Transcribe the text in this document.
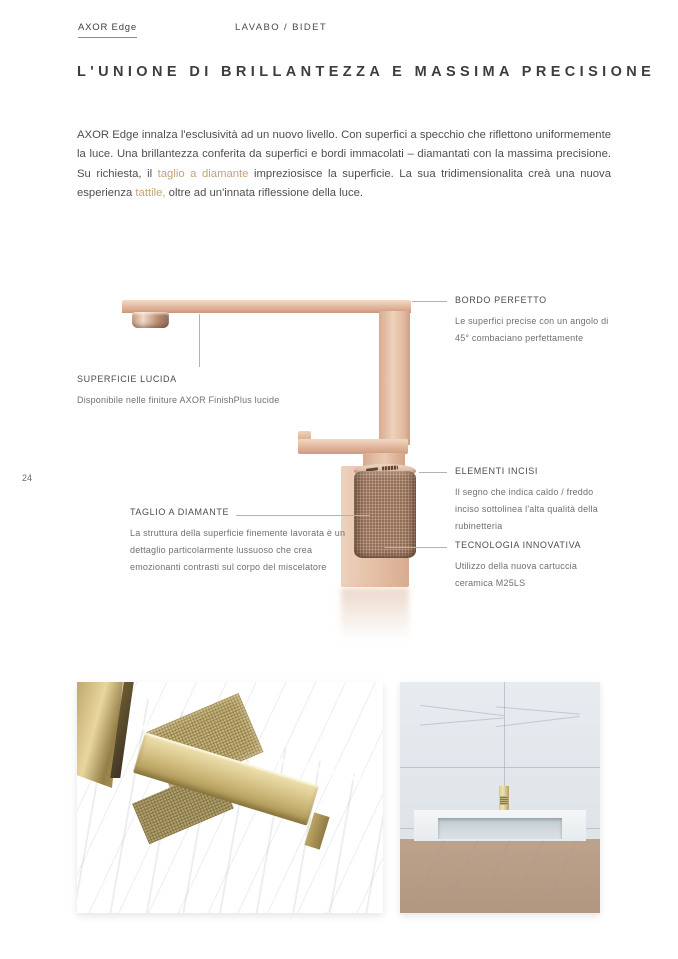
AXOR Edge	LAVABO / BIDET
L'UNIONE DI BRILLANTEZZA E MASSIMA PRECISIONE

AXOR Edge innalza l'esclusività ad un nuovo livello. Con superfici a specchio che riflettono uniformemente la luce. Una brillantezza conferita da superfici e bordi immacolati – diamantati con la massima precisione. Su richiesta, il taglio a diamante impreziosisce la superficie. La sua tridimensionalita creà una nuova esperienza tattile, oltre ad un'innata riflessione della luce.

24
BORDO PERFETTO
Le superfici precise con un angolo di
45° combaciano perfettamente
SUPERFICIE LUCIDA
Disponibile nelle finiture AXOR FinishPlus lucide
ELEMENTI INCISI
Il segno che indica caldo / freddo
inciso sottolinea l'alta qualità della
rubinetteria
TAGLIO A DIAMANTE
La struttura della superficie finemente lavorata è un
dettaglio particolarmente lussuoso che crea
emozionanti contrasti sul corpo del miscelatore
TECNOLOGIA INNOVATIVA
Utilizzo della nuova cartuccia
ceramica M25LS
